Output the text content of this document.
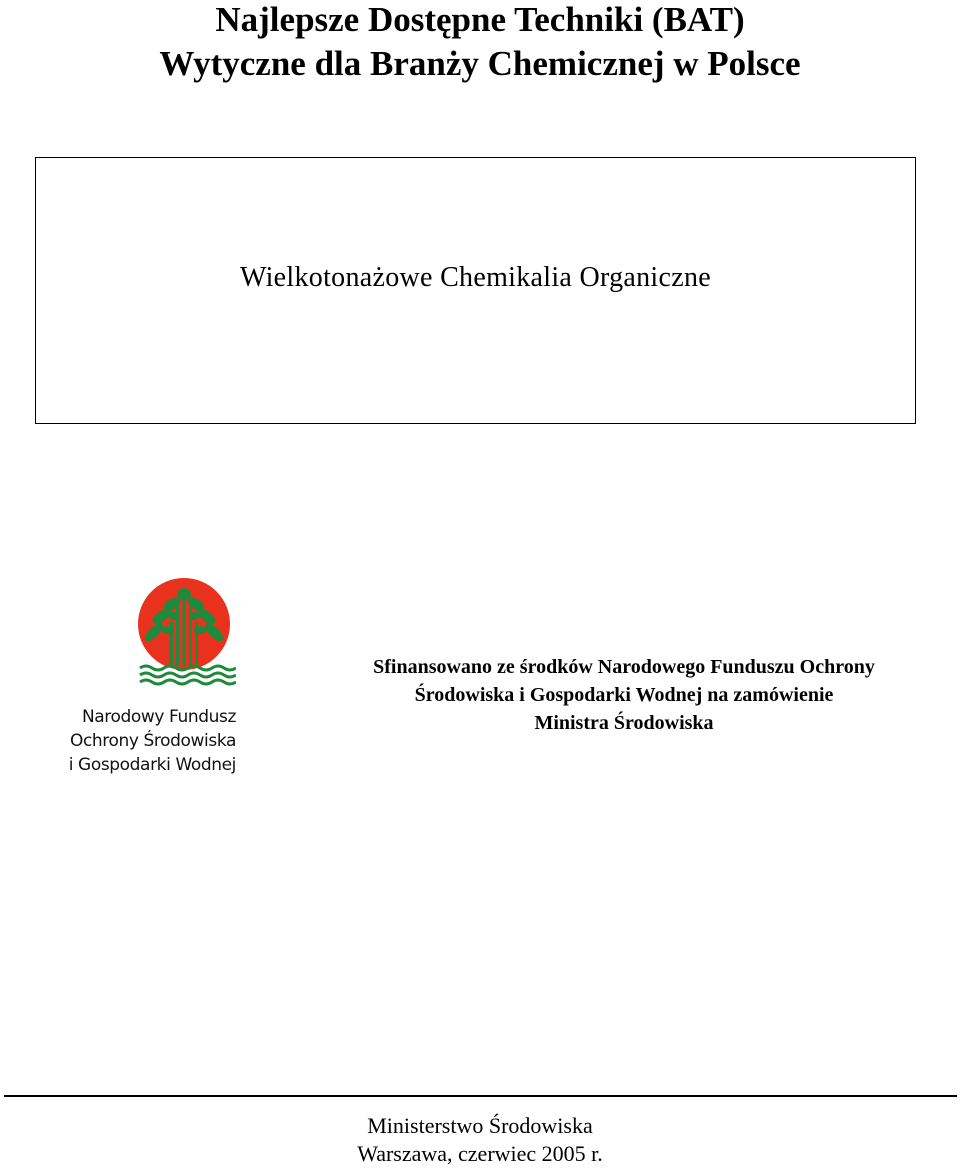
Najlepsze Dostępne Techniki (BAT)
Wytyczne dla Branży Chemicznej w Polsce
Wielkotonażowe Chemikalia Organiczne
Narodowy Fundusz
Ochrony Środowiska
i Gospodarki Wodnej
Sfinansowano ze środków Narodowego Funduszu Ochrony
Środowiska i Gospodarki Wodnej na zamówienie
Ministra Środowiska
Ministerstwo Środowiska
Warszawa, czerwiec 2005 r.
